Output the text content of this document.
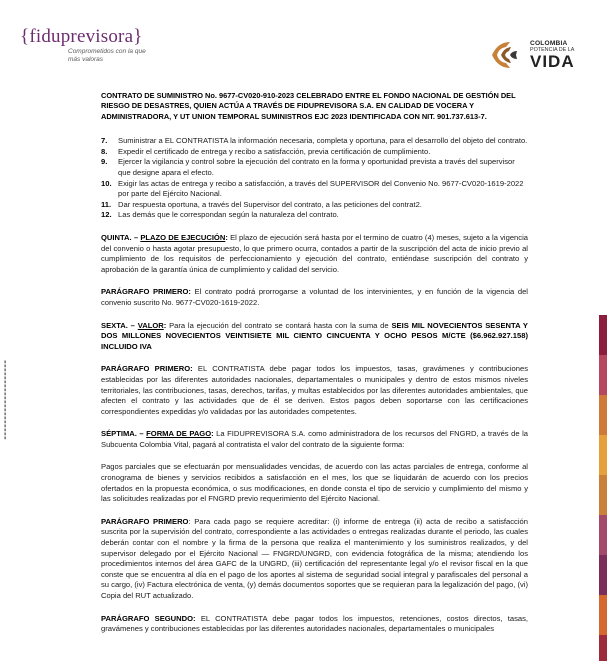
{fiduprevisora}
Comprometidos con la que más valoras
COLOMBIA
POTENCIA DE LA
VIDA
▮▮▮▮▮▮▮▮▮▮▮▮▮▮▮▮▮▮▮▮
CONTRATO DE SUMINISTRO No. 9677-CV020-910-2023 CELEBRADO ENTRE EL FONDO NACIONAL DE GESTIÓN DEL RIESGO DE DESASTRES, QUIEN ACTÚA A TRAVÉS DE FIDUPREVISORA S.A. EN CALIDAD DE VOCERA Y ADMINISTRADORA, Y UT UNION TEMPORAL SUMINISTROS EJC 2023 IDENTIFICADA CON NIT. 901.737.613-7.
7.	Suministrar a EL CONTRATISTA la información necesaria, completa y oportuna, para el desarrollo del objeto del contrato.
8.	Expedir el certificado de entrega y recibo a satisfacción, previa certificación de cumplimiento.
9.	Ejercer la vigilancia y control sobre la ejecución del contrato en la forma y oportunidad prevista a través del supervisor que designe apara el efecto.
10. Exigir las actas de entrega y recibo a satisfacción, a través del SUPERVISOR del Convenio No. 9677-CV020-1619-2022 por parte del Ejército Nacional.
11. Dar respuesta oportuna, a través del Supervisor del contrato, a las peticiones del contrat2.
12. Las demás que le correspondan según la naturaleza del contrato.

QUINTA. – PLAZO DE EJECUCIÓN: El plazo de ejecución será hasta por el termino de cuatro (4) meses, sujeto a la vigencia del convenio o hasta agotar presupuesto, lo que primero ocurra, contados a partir de la suscripción del acta de inicio previo al cumplimiento de los requisitos de perfeccionamiento y ejecución del contrato, entiéndase suscripción del contrato y aprobación de la garantía única de cumplimiento y calidad del servicio.

PARÁGRAFO PRIMERO: El contrato podrá prorrogarse a voluntad de los intervinientes, y en función de la vigencia del convenio suscrito No. 9677-CV020-1619-2022.

SEXTA. – VALOR: Para la ejecución del contrato se contará hasta con la suma de SEIS MIL NOVECIENTOS SESENTA Y DOS MILLONES NOVECIENTOS VEINTISIETE MIL CIENTO CINCUENTA Y OCHO PESOS M/CTE ($6.962.927.158) INCLUIDO IVA

PARÁGRAFO PRIMERO: EL CONTRATISTA debe pagar todos los impuestos, tasas, gravámenes y contribuciones establecidas por las diferentes autoridades nacionales, departamentales o municipales y dentro de estos mismos niveles territoriales, las contribuciones, tasas, derechos, tarifas, y multas establecidos por las diferentes autoridades ambientales, que afecten el contrato y las actividades que de él se deriven. Estos pagos deben soportarse con las certificaciones correspondientes expedidas y/o validadas por las autoridades competentes.

SÉPTIMA. – FORMA DE PAGO: La FIDUPREVISORA S.A. como administradora de los recursos del FNGRD, a través de la Subcuenta Colombia Vital, pagará al contratista el valor del contrato de la siguiente forma:

Pagos parciales que se efectuarán por mensualidades vencidas, de acuerdo con las actas parciales de entrega, conforme al cronograma de bienes y servicios recibidos a satisfacción en el mes, los que se liquidarán de acuerdo con los precios ofertados en la propuesta económica, o sus modificaciones, en donde consta el tipo de servicio y cumplimiento del mismo y las solicitudes realizadas por el FNGRD previo requerimiento del Ejército Nacional.

PARÁGRAFO PRIMERO: Para cada pago se requiere acreditar: (i) informe de entrega (ii) acta de recibo a satisfacción suscrita por la supervisión del contrato, correspondiente a las actividades o entregas realizadas durante el periodo, las cuales deberán contar con el nombre y la firma de la persona que realiza el mantenimiento y los suministros realizados, y del supervisor delegado por el Ejército Nacional — FNGRD/UNGRD, con evidencia fotográfica de la misma; atendiendo los procedimientos internos del área GAFC de la UNGRD, (iii) certificación del representante legal y/o el revisor fiscal en la que conste que se encuentra al día en el pago de los aportes al sistema de seguridad social integral y parafiscales del personal a su cargo, (iv) Factura electrónica de venta, (y) demás documentos soportes que se requieran para la legalización del pago, (vi) Copia del RUT actualizado.

PARÁGRAFO SEGUNDO: EL CONTRATISTA debe pagar todos los impuestos, retenciones, costos directos, tasas, gravámenes y contribuciones establecidas por las diferentes autoridades nacionales, departamentales o municipales
